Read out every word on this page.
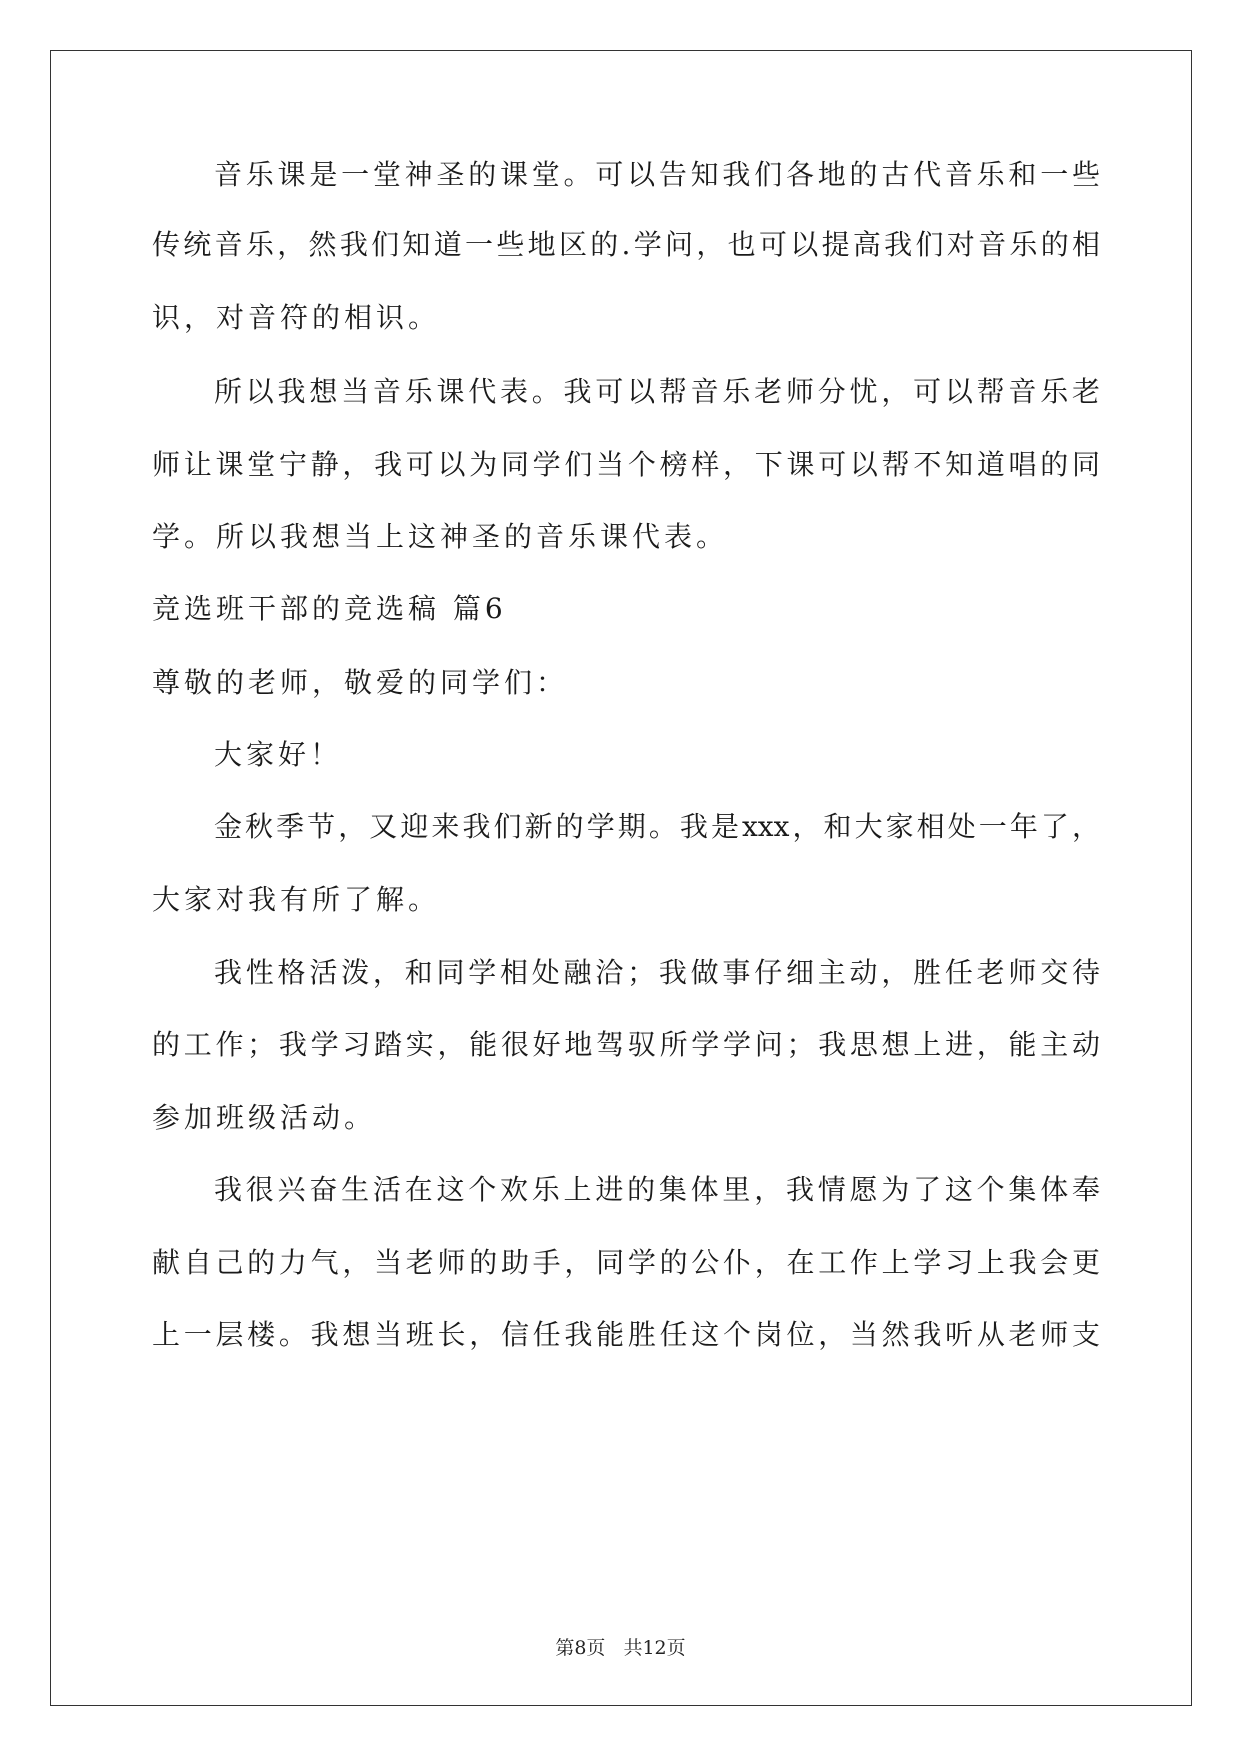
音乐课是一堂神圣的课堂。可以告知我们各地的古代音乐和一些
传统音乐，然我们知道一些地区的.学问，也可以提高我们对音乐的相
识，对音符的相识。
所以我想当音乐课代表。我可以帮音乐老师分忧，可以帮音乐老
师让课堂宁静，我可以为同学们当个榜样，下课可以帮不知道唱的同
学。所以我想当上这神圣的音乐课代表。
竞选班干部的竞选稿 篇6
尊敬的老师，敬爱的同学们：
大家好！
金秋季节，又迎来我们新的学期。我是xxx，和大家相处一年了，
大家对我有所了解。
我性格活泼，和同学相处融洽；我做事仔细主动，胜任老师交待
的工作；我学习踏实，能很好地驾驭所学学问；我思想上进，能主动
参加班级活动。
我很兴奋生活在这个欢乐上进的集体里，我情愿为了这个集体奉
献自己的力气，当老师的助手，同学的公仆，在工作上学习上我会更
上一层楼。我想当班长，信任我能胜任这个岗位，当然我听从老师支
第8页 共12页
